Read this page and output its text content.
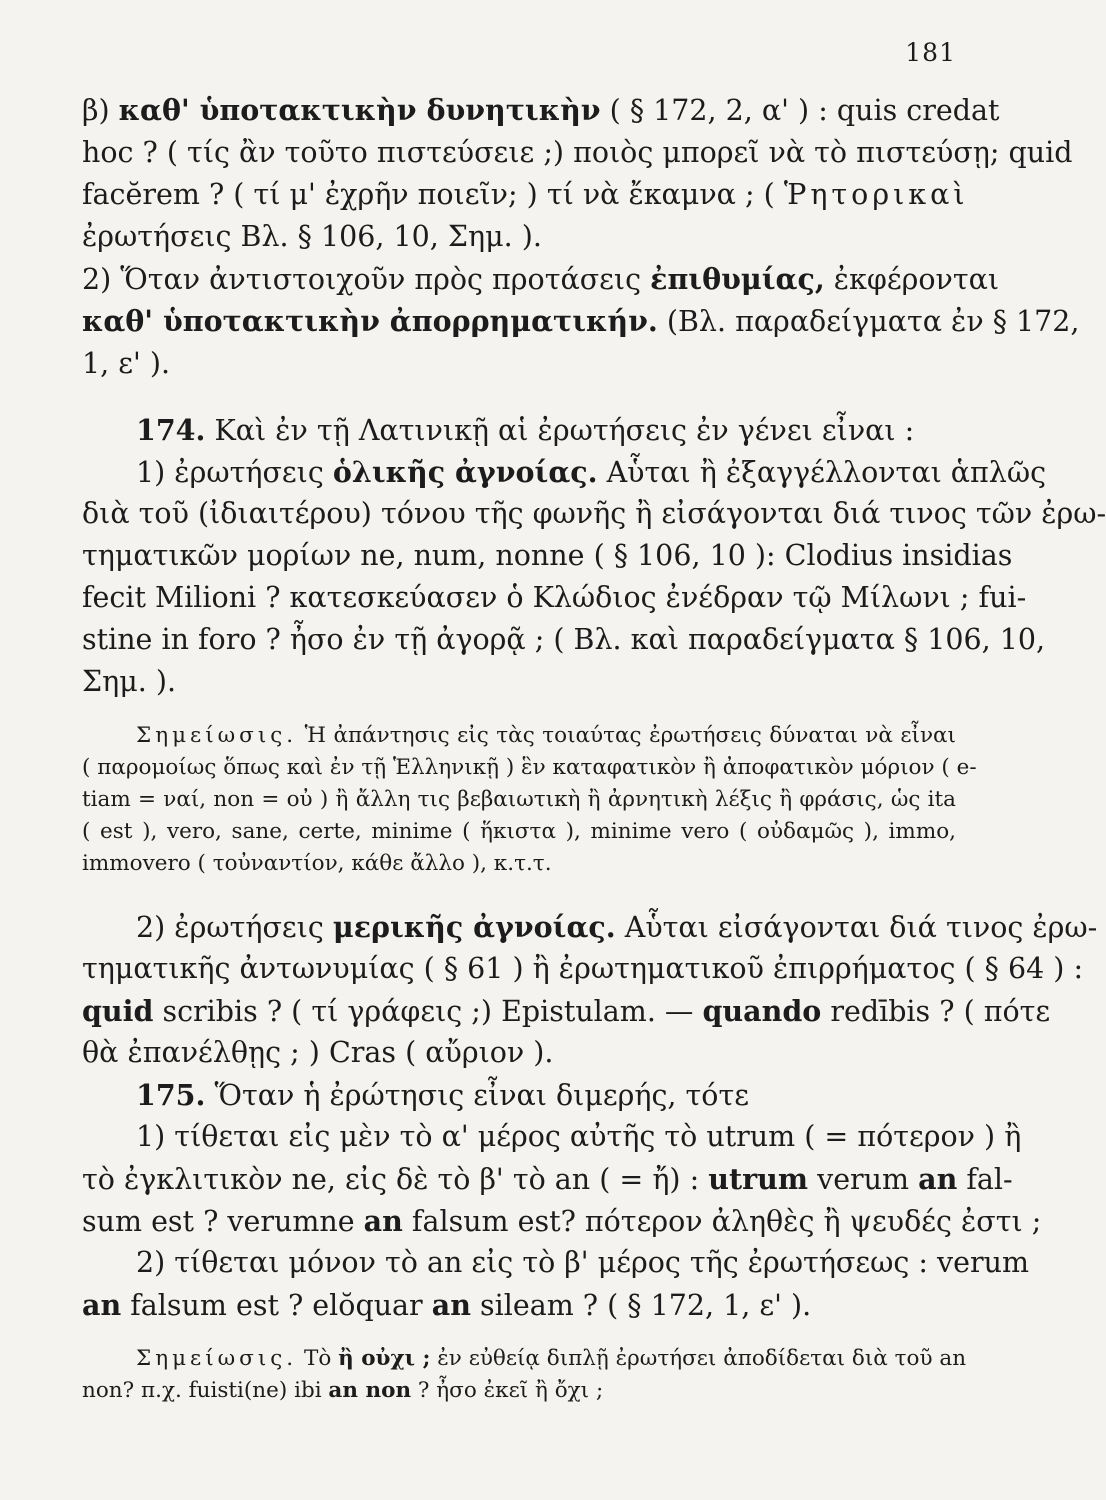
181
β) καθ' ὑποτακτικὴν δυνητικὴν ( § 172, 2, α' ) : quis credat
hoc ? ( τίς ἂν τοῦτο πιστεύσειε ;) ποιὸς μπορεῖ νὰ τὸ πιστεύσῃ; quid
facĕrem ? ( τί μ' ἐχρῆν ποιεῖν; ) τί νὰ ἔκαμνα ; ( Ῥητορικαὶ
ἐρωτήσεις Βλ. § 106, 10, Σημ. ).
2) Ὅταν ἀντιστοιχοῦν πρὸς προτάσεις ἐπιθυμίας, ἐκφέρονται
καθ' ὑποτακτικὴν ἀπορρηματικήν. (Βλ. παραδείγματα ἐν § 172,
1, ε' ).
174. Καὶ ἐν τῇ Λατινικῇ αἱ ἐρωτήσεις ἐν γένει εἶναι :
1) ἐρωτήσεις ὁλικῆς ἀγνοίας. Αὗται ἢ ἐξαγγέλλονται ἁπλῶς
διὰ τοῦ (ἰδιαιτέρου) τόνου τῆς φωνῆς ἢ εἰσάγονται διά τινος τῶν ἐρω-
τηματικῶν μορίων ne, num, nonne ( § 106, 10 ): Clodius insidias
fecit Milioni ? κατεσκεύασεν ὁ Κλώδιος ἐνέδραν τῷ Μίλωνι ; fui-
stine in foro ? ἦσο ἐν τῇ ἀγορᾷ ; ( Βλ. καὶ παραδείγματα § 106, 10,
Σημ. ).
Σημείωσις. Ἡ ἀπάντησις εἰς τὰς τοιαύτας ἐρωτήσεις δύναται νὰ εἶναι
( παρομοίως ὅπως καὶ ἐν τῇ Ἑλληνικῇ ) ἓν καταφατικὸν ἢ ἀποφατικὸν μόριον ( e-
tiam = ναί, non = οὐ ) ἢ ἄλλη τις βεβαιωτικὴ ἢ ἀρνητικὴ λέξις ἢ φράσις, ὡς ita
( est ), vero, sane, certe, minime ( ἥκιστα ), minime vero ( οὐδαμῶς ), immo,
immovero ( τοὐναντίον, κάθε ἄλλο ), κ.τ.τ.
2) ἐρωτήσεις μερικῆς ἀγνοίας. Αὗται εἰσάγονται διά τινος ἐρω-
τηματικῆς ἀντωνυμίας ( § 61 ) ἢ ἐρωτηματικοῦ ἐπιρρήματος ( § 64 ) :
quid scribis ? ( τί γράφεις ;) Epistulam. — quando redībis ? ( πότε
θὰ ἐπανέλθῃς ; ) Cras ( αὔριον ).
175. Ὅταν ἡ ἐρώτησις εἶναι διμερής, τότε
1) τίθεται εἰς μὲν τὸ α' μέρος αὐτῆς τὸ utrum ( = πότερον ) ἢ
τὸ ἐγκλιτικὸν ne, εἰς δὲ τὸ β' τὸ an ( = ἤ) : utrum verum an fal-
sum est ? verumne an falsum est? πότερον ἀληθὲς ἢ ψευδές ἐστι ;
2) τίθεται μόνον τὸ an εἰς τὸ β' μέρος τῆς ἐρωτήσεως : verum
an falsum est ? elŏquar an sileam ? ( § 172, 1, ε' ).
Σημείωσις. Τὸ ἢ οὐχι ; ἐν εὐθείᾳ διπλῇ ἐρωτήσει ἀποδίδεται διὰ τοῦ an
non? π.χ. fuisti(ne) ibi an non ? ἦσο ἐκεῖ ἢ ὄχι ;
